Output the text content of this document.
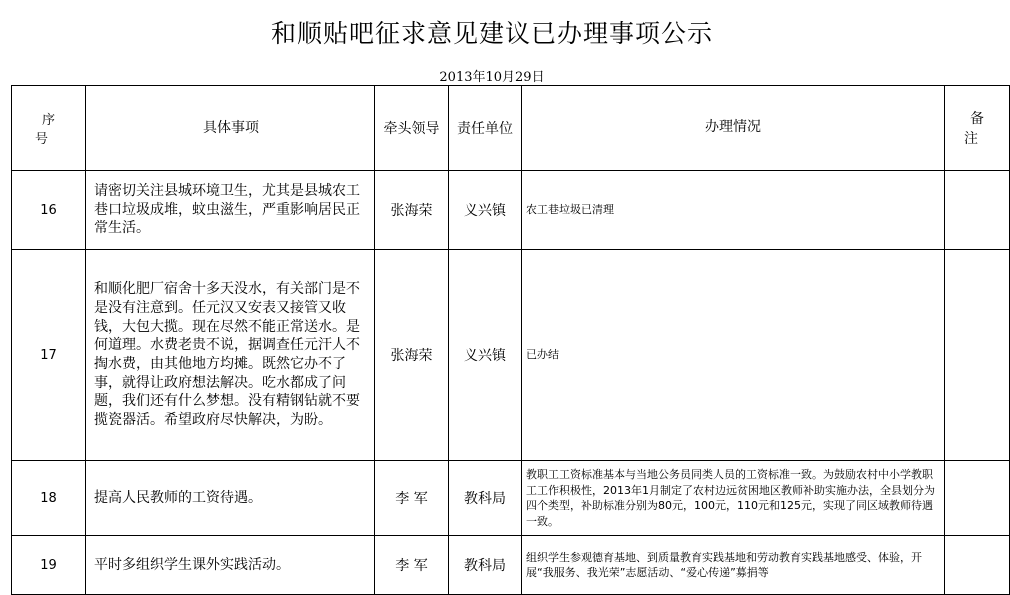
和顺贴吧征求意见建议已办理事项公示
2013年10月29日
序 号	具体事项	牵头领导	责任单位	办理情况	备 注
16	请密切关注县城环境卫生，尤其是县城农工巷口垃圾成堆，蚊虫滋生，严重影响居民正常生活。	张海荣	义兴镇	农工巷垃圾已清理	
17	和顺化肥厂宿舍十多天没水，有关部门是不是没有注意到。任元汉又安表又接管又收钱，大包大揽。现在尽然不能正常送水。是何道理。水费老贵不说，据调查任元汗人不掏水费，由其他地方均摊。既然它办不了事，就得让政府想法解决。吃水都成了问题，我们还有什么梦想。没有精钢钻就不要揽瓷器活。希望政府尽快解决，为盼。	张海荣	义兴镇	已办结	
18	提高人民教师的工资待遇。	李 军	教科局	教职工工资标准基本与当地公务员同类人员的工资标准一致。为鼓励农村中小学教职工工作积极性，2013年1月制定了农村边远贫困地区教师补助实施办法，全县划分为四个类型，补助标准分别为80元，100元，110元和125元，实现了同区域教师待遇一致。	
19	平时多组织学生课外实践活动。	李 军	教科局	组织学生参观德育基地、到质量教育实践基地和劳动教育实践基地感受、体验，开展“我服务、我光荣”志愿活动、“爱心传递”募捐等	
